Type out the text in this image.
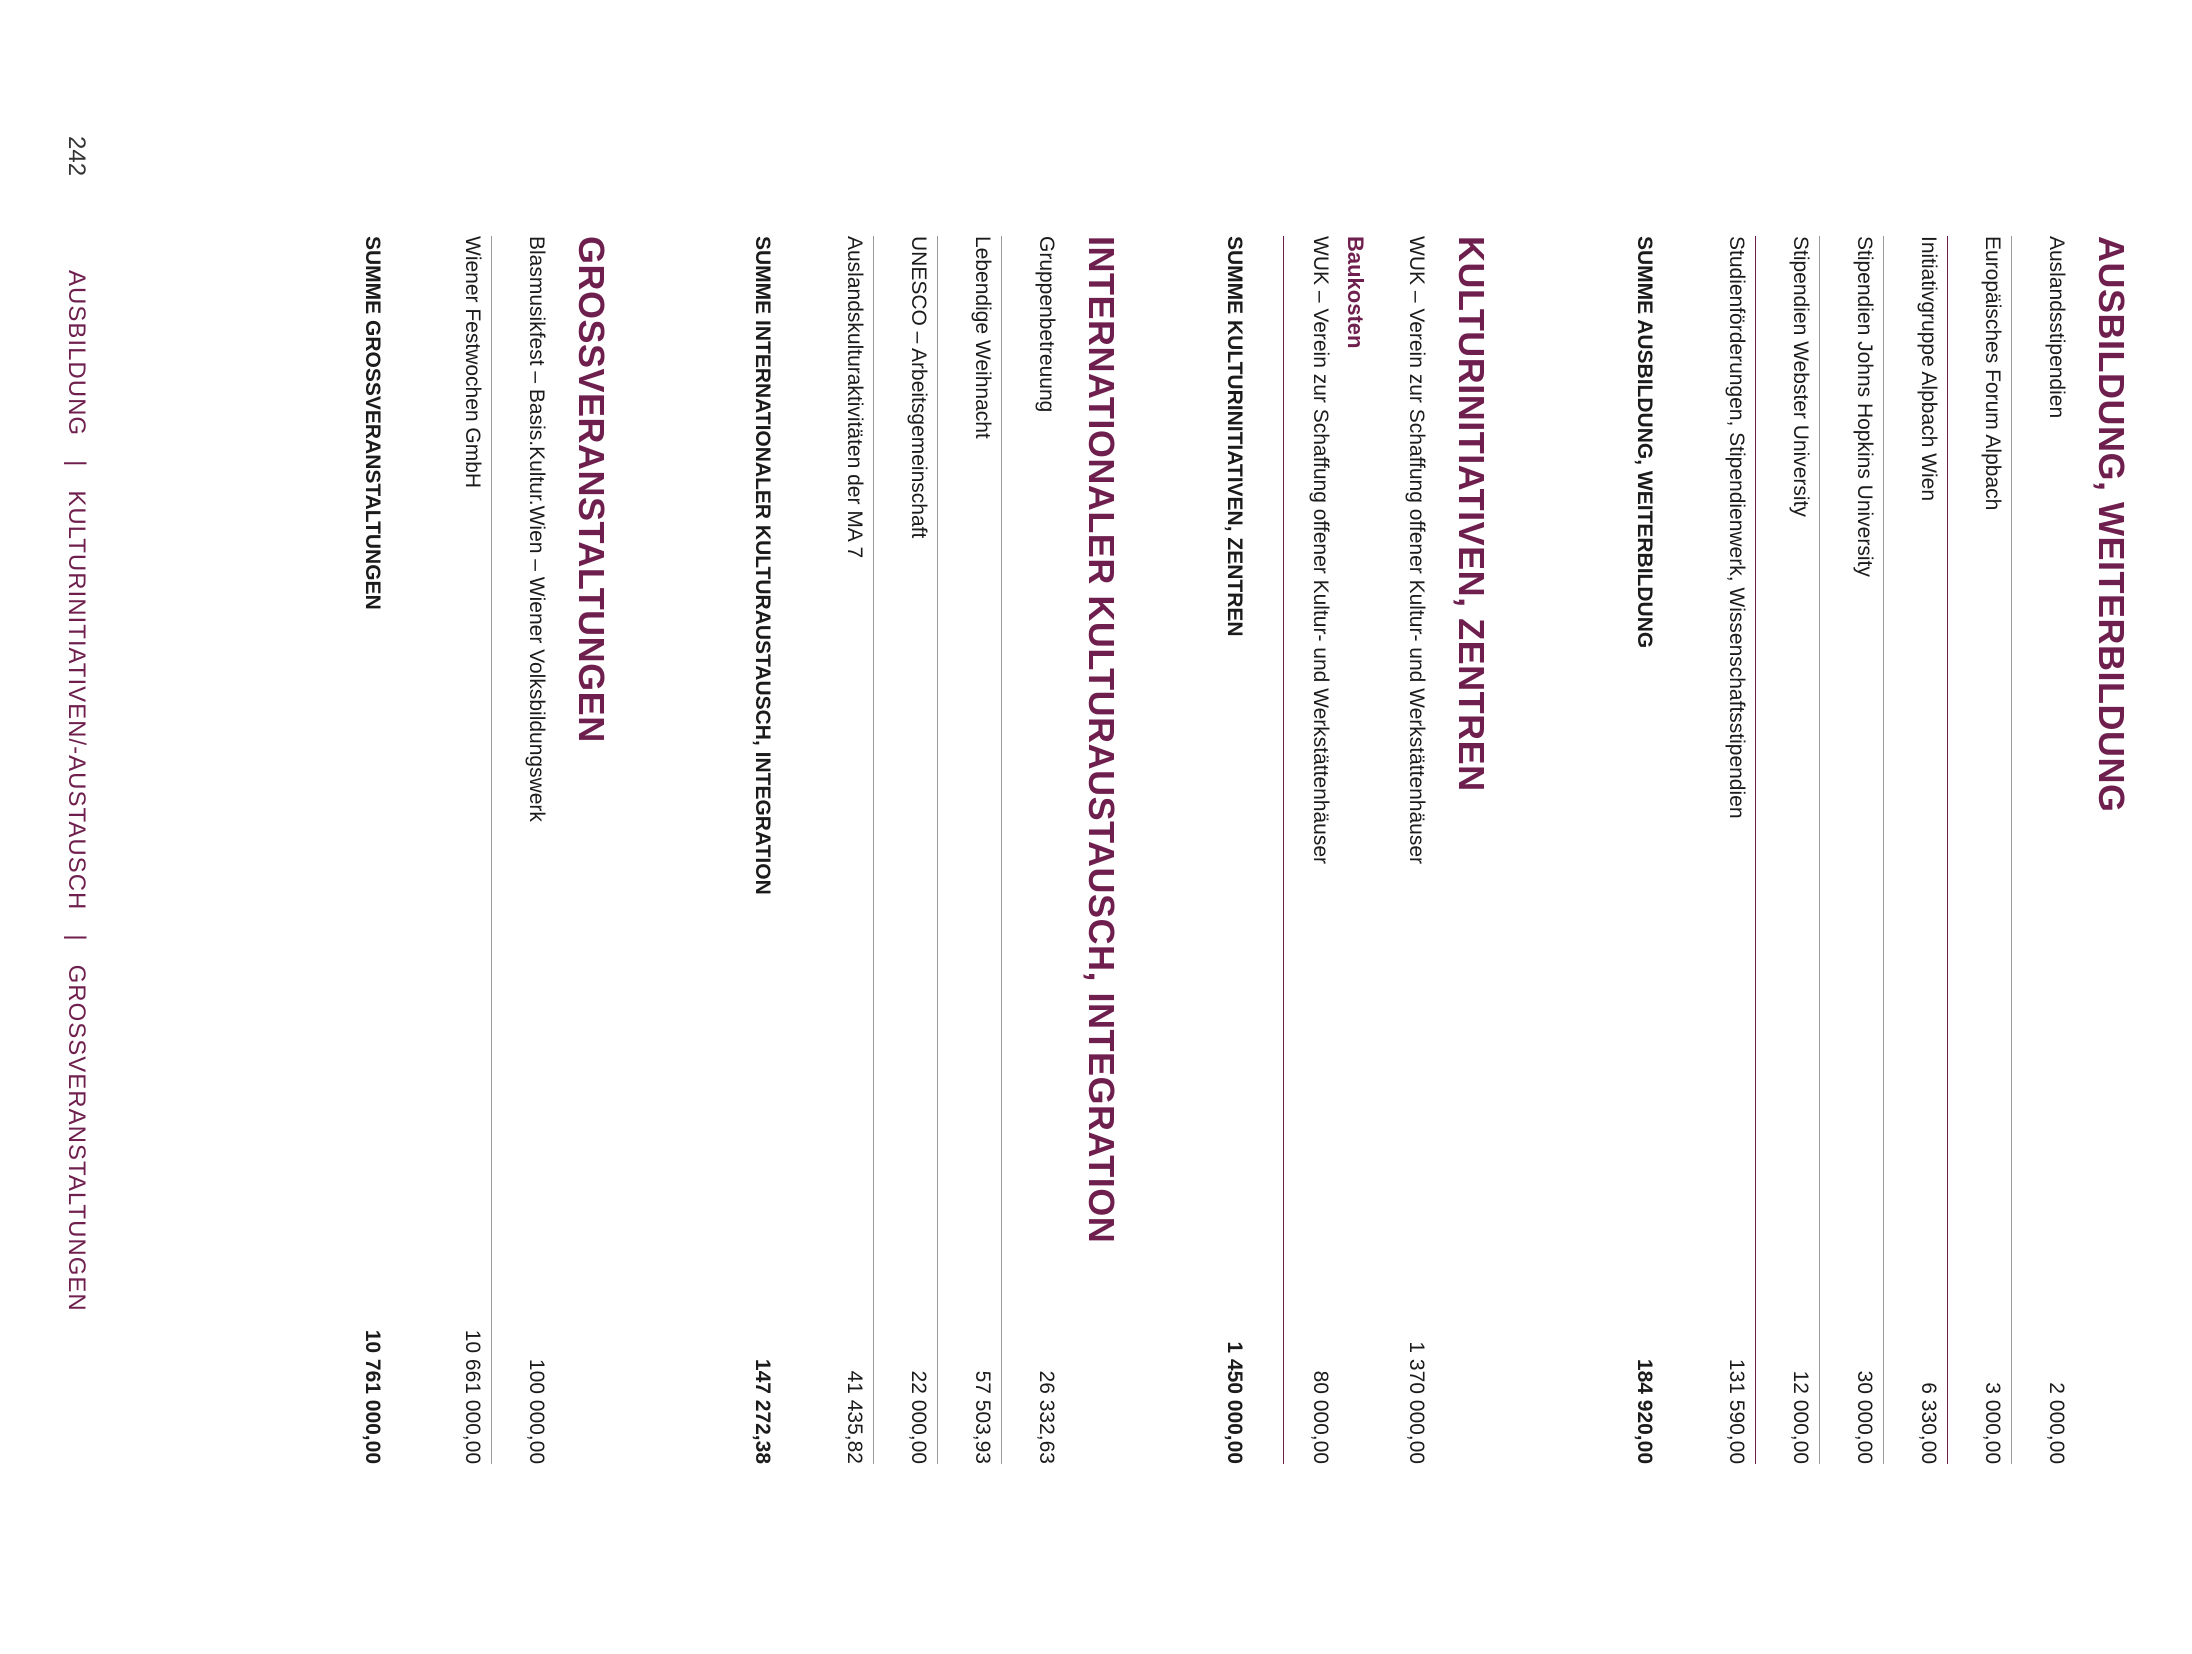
AUSBILDUNG, WEITERBILDUNG
Auslandsstipendien
2 000,00
Europäisches Forum Alpbach
3 000,00
Initiativgruppe Alpbach Wien
6 330,00
Stipendien Johns Hopkins University
30 000,00
Stipendien Webster University
12 000,00
Studienförderungen, Stipendienwerk, Wissenschaftsstipendien
131 590,00
SUMME AUSBILDUNG, WEITERBILDUNG
184 920,00
KULTURINITIATIVEN, ZENTREN
WUK – Verein zur Schaffung offener Kultur- und Werkstättenhäuser
1 370 000,00
Baukosten
WUK – Verein zur Schaffung offener Kultur- und Werkstättenhäuser
80 000,00
SUMME KULTURINITIATIVEN, ZENTREN
1 450 000,00
INTERNATIONALER KULTURAUSTAUSCH, INTEGRATION
Gruppenbetreuung
26 332,63
Lebendige Weihnacht
57 503,93
UNESCO – Arbeitsgemeinschaft
22 000,00
Auslandskulturaktivitäten der MA 7
41 435,82
SUMME INTERNATIONALER KULTURAUSTAUSCH, INTEGRATION
147 272,38
GROSSVERANSTALTUNGEN
Blasmusikfest – Basis.Kultur.Wien – Wiener Volksbildungswerk
100 000,00
Wiener Festwochen GmbH
10 661 000,00
SUMME GROSSVERANSTALTUNGEN
10 761 000,00
242
AUSBILDUNG
|
KULTURINITIATIVEN/-AUSTAUSCH
|
GROSSVERANSTALTUNGEN
